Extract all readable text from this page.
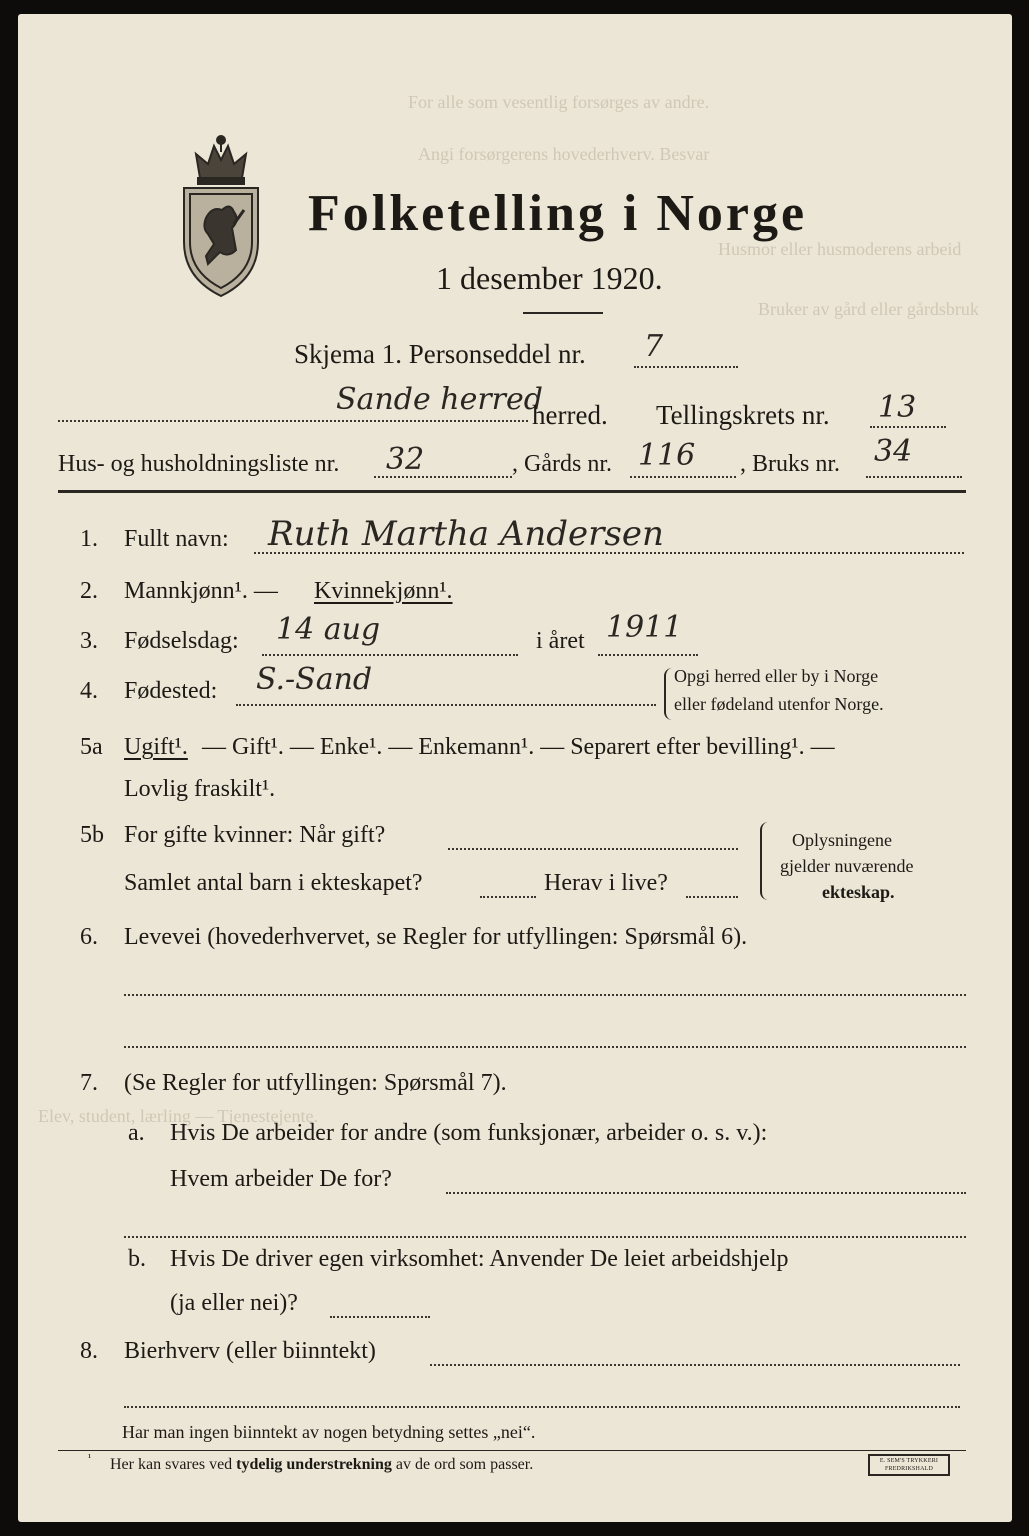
For alle som vesentlig forsørges av andre.
Angi forsørgerens hovederhverv. Besvar
Husmor eller husmoderens arbeid
Bruker av gård eller gårdsbruk
Elev, student, lærling — Tjenestejente.
Folketelling i Norge
1 desember 1920.
Skjema 1. Personseddel nr. 7
Sande herred
herred. Tellingskrets nr. 13
Hus- og husholdningsliste nr. 32	, Gårds nr. 116 , Bruks nr. 34
1. Fullt navn: Ruth Martha Andersen
2. Mannkjønn¹. — Kvinnekjønn¹.
3. Fødselsdag: 14 aug	i året 1911
4. Fødested: S.-Sand	Opgi herred eller by i Norge
eller fødeland utenfor Norge.
5a Ugift¹. — Gift¹. — Enke¹. — Enkemann¹. — Separert efter bevilling¹. —
Lovlig fraskilt¹.
5b For gifte kvinner: Når gift?
Samlet antal barn i ekteskapet?	Herav i live?
Oplysningene
gjelder nuværende
ekteskap.
6. Levevei (hovederhvervet, se Regler for utfyllingen: Spørsmål 6).
7. (Se Regler for utfyllingen: Spørsmål 7).
a. Hvis De arbeider for andre (som funksjonær, arbeider o. s. v.):
Hvem arbeider De for?
b. Hvis De driver egen virksomhet: Anvender De leiet arbeidshjelp
(ja eller nei)?
8. Bierhverv (eller biinntekt)
Har man ingen biinntekt av nogen betydning settes „nei“.
¹ Her kan svares ved tydelig understrekning av de ord som passer.	E. SEM'S TRYKKERI
FREDRIKSHALD
